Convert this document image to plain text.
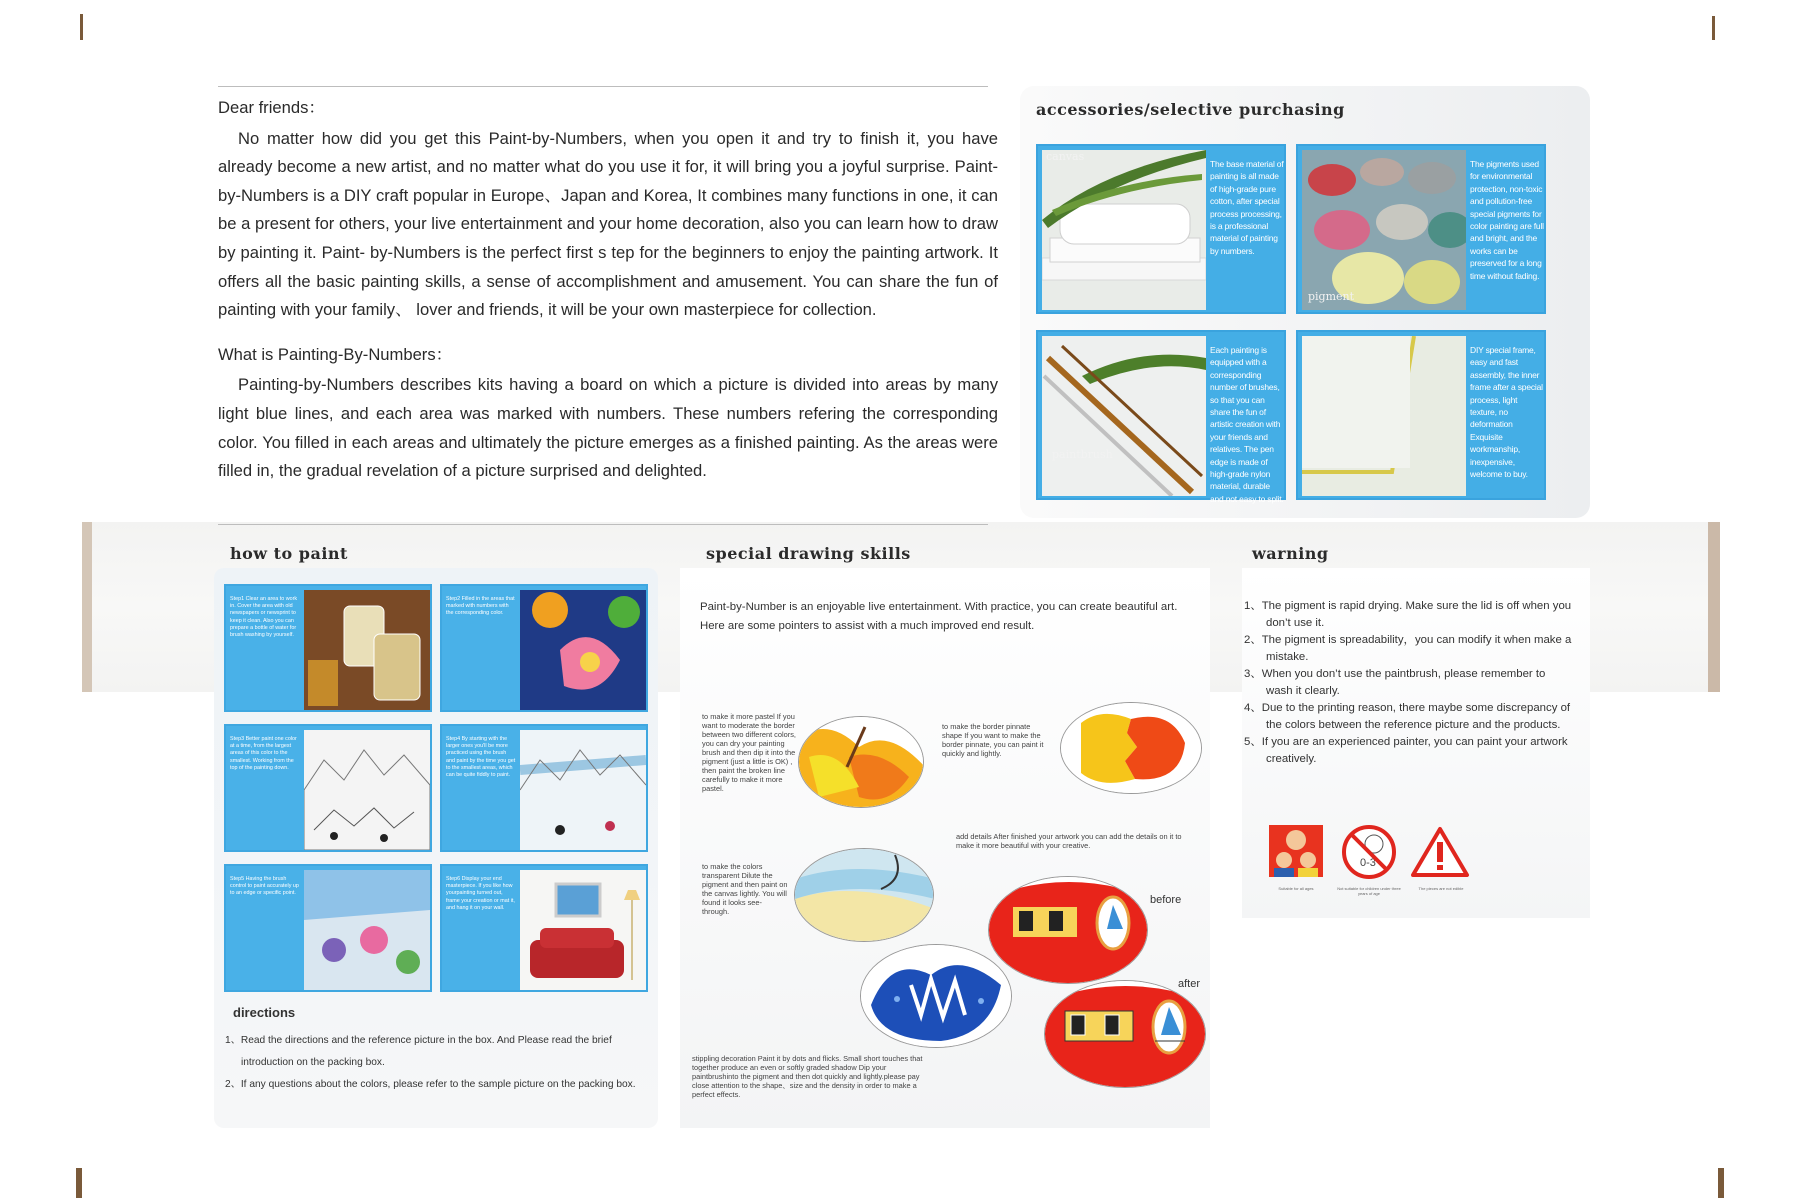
Dear friends：

No matter how did you get this Paint-by-Numbers, when you open it and try to finish it, you have already become a new artist, and no matter what do you use it for, it will bring you a joyful surprise. Paint-by-Numbers is a DIY craft popular in Europe、Japan and Korea, It combines many functions in one, it can be a present for others, your live entertainment and your home decoration, also you can learn how to draw by painting it. Paint- by-Numbers is the perfect first s tep for the beginners to enjoy the painting artwork. It offers all the basic painting skills, a sense of accomplishment and amusement. You can share the fun of painting with your family、 lover and friends, it will be your own masterpiece for collection.

What is Painting-By-Numbers：

Painting-by-Numbers describes kits having a board on which a picture is divided into areas by many light blue lines, and each area was marked with numbers. These numbers refering the corresponding color. You filled in each areas and ultimately the picture emerges as a finished painting. As the areas were filled in, the gradual revelation of a picture surprised and delighted.

accessories/selective purchasing
canvas
The base material of painting is all made of high-grade pure cotton, after special process processing, is a professional material of painting by numbers.
pigment
The pigments used for environmental protection, non-toxic and pollution-free special pigments for color painting are full and bright, and the works can be preserved for a long time without fading.
paintbrush
Each painting is equipped with a corresponding number of brushes, so that you can share the fun of artistic creation with your friends and relatives. The pen edge is made of high-grade nylon material, durable and not easy to split.
DIY special frame, easy and fast assembly, the inner frame after a special process, light texture, no deformation Exquisite workmanship, inexpensive, welcome to buy.
how to paint
Step1 Clear an area to work in. Cover the area with old newspapers or newsprint to keep it clean. Also you can prepare a bottle of water for brush washing by yourself.
Step2 Filled in the areas that marked with numbers with the corresponding color.
Step3 Better paint one color at a time, from the largest areas of this color to the smallest. Working from the top of the painting down.
Step4 By starting with the larger ones you'll be more practiced using the brush and paint by the time you get to the smallest areas, which can be quite fiddly to paint.
Step5 Having the brush control to paint accurately up to an edge or specific point.
Step6 Display your end masterpiece. If you like how yourpainting turned out, frame your creation or mat it, and hang it on your wall.
directions
1、Read the directions and the reference picture in the box. And Please read the brief introduction on the packing box.
2、If any questions about the colors, please refer to the sample picture on the packing box.
special drawing skills
Paint-by-Number is an enjoyable live entertainment. With practice, you can create beautiful art. Here are some pointers to assist with a much improved end result.
to make it more pastel If you want to moderate the border between two different colors, you can dry your painting brush and then dip it into the pigment (just a little is OK) , then paint the broken line carefully to make it more pastel.
to make the border pinnate shape If you want to make the border pinnate, you can paint it quickly and lightly.
to make the colors transparent Dilute the pigment and then paint on the canvas lightly. You will found it looks see-through.
add details After finished your artwork you can add the details on it to make it more beautiful with your creative.
before
after
stippling decoration Paint it by dots and flicks. Small short touches that together produce an even or softly graded shadow Dip your paintbrushinto the pigment and then dot quickly and lightly.please pay close attention to the shape、size and the density in order to make a perfect effects.
warning
1、The pigment is rapid drying. Make sure the lid is off when you don’t use it.
2、The pigment is spreadability，you can modify it when make a mistake.
3、When you don’t use the paintbrush, please remember to wash it clearly.
4、Due to the printing reason, there maybe some discrepancy of the colors between the reference picture and the products.
5、If you are an experienced painter, you can paint your artwork creatively.
Suitable for all ages
0-3
Not suitable for children under three years of age
The pieces are not edible
